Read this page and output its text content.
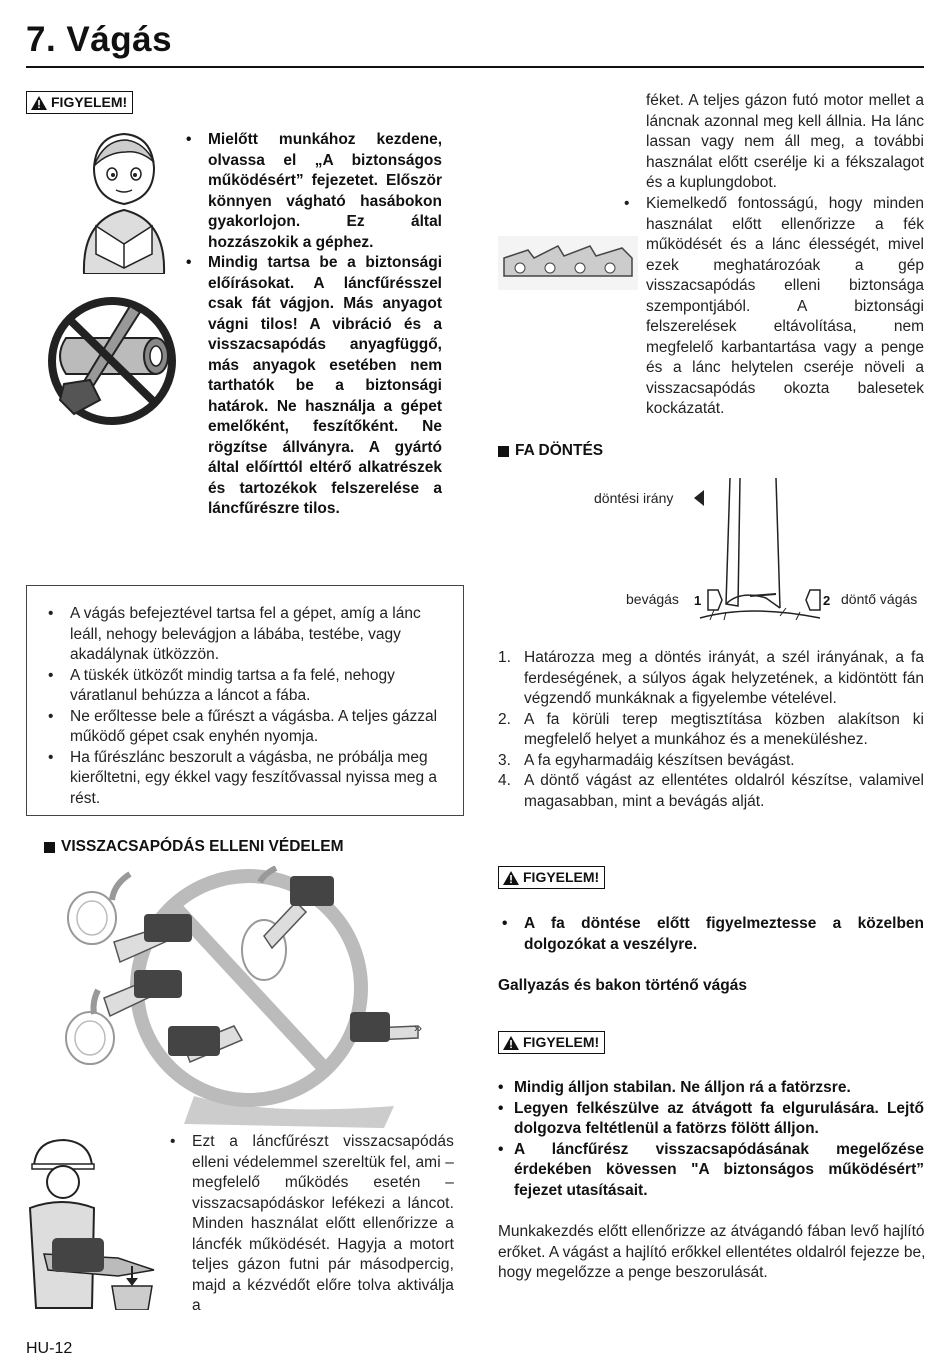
7. Vágás
FIGYELEM!
• Mielőtt munkához kezdene, olvassa el „A biztonságos működésért” fejezetet. Először könnyen vágható hasábokon gyakorlojon. Ez által hozzászokik a géphez.
• Mindig tartsa be a biztonsági előírásokat. A láncfűrésszel csak fát vágjon. Más anyagot vágni tilos! A vibráció és a visszacsapódás anyagfüggő, más anyagok esetében nem tarthatók be a biztonsági határok. Ne használja a gépet emelőként, feszítőként. Ne rögzítse állványra. A gyártó által előírttól eltérő alkatrészek és tartozékok felszerelése a láncfűrészre tilos.
• A vágás befejeztével tartsa fel a gépet, amíg a lánc leáll, nehogy belevágjon a lábába, testébe, vagy akadálynak ütközzön.
• A tüskék ütközőt mindig tartsa a fa felé, nehogy váratlanul behúzza a láncot a fába.
• Ne erőltesse bele a fűrészt a vágásba. A teljes gázzal működő gépet csak enyhén nyomja.
• Ha fűrészlánc beszorult a vágásba, ne próbálja meg kierőltetni, egy ékkel vagy feszítővassal nyissa meg a rést.
VISSZACSAPÓDÁS ELLENI VÉDELEM
››
• Ezt a láncfűrészt visszacsapódás elleni védelemmel szereltük fel, ami – megfelelő működés esetén – visszacsapódáskor lefékezi a láncot. Minden használat előtt ellenőrizze a láncfék működését. Hagyja a motort teljes gázon futni pár másodpercig, majd a kézvédőt előre tolva aktiválja a
féket. A teljes gázon futó motor mellet a láncnak azonnal meg kell állnia. Ha lánc lassan vagy nem áll meg, a további használat előtt cserélje ki a fékszalagot és a kuplungdobot.
• Kiemelkedő fontosságú, hogy minden használat előtt ellenőrizze a fék működését és a lánc élességét, mivel ezek meghatározóak a gép visszacsapódás elleni biztonsága szempontjából. A biztonsági felszerelések eltávolítása, nem megfelelő karbantartása vagy a penge és a lánc helytelen cseréje növeli a visszacsapódás okozta balesetek kockázatát.
FA DÖNTÉS
döntési irány
bevágás 1	2 döntő vágás
1. Határozza meg a döntés irányát, a szél irányának, a fa ferdeségének, a súlyos ágak helyzetének, a kidöntött fán végzendő munkáknak a figyelembe vételével.
2. A fa körüli terep megtisztítása közben alakítson ki megfelelő helyet a munkához és a meneküléshez.
3. A fa egyharmadáig készítsen bevágást.
4. A döntő vágást az ellentétes oldalról készítse, valamivel magasabban, mint a bevágás alját.
FIGYELEM!
• A fa döntése előtt figyelmeztesse a közelben dolgozókat a veszélyre.
Gallyazás és bakon történő vágás
FIGYELEM!
• Mindig álljon stabilan. Ne álljon rá a fatörzsre.
• Legyen felkészülve az átvágott fa elgurulására. Lejtő dolgozva feltétlenül a fatörzs fölött álljon.
• A láncfűrész visszacsapódásának megelőzése érdekében kövessen "A biztonságos működésért” fejezet utasításait.
Munkakezdés előtt ellenőrizze az átvágandó fában levő hajlító erőket. A vágást a hajlító erőkkel ellentétes oldalról fejezze be, hogy megelőzze a penge beszorulását.
HU-12
